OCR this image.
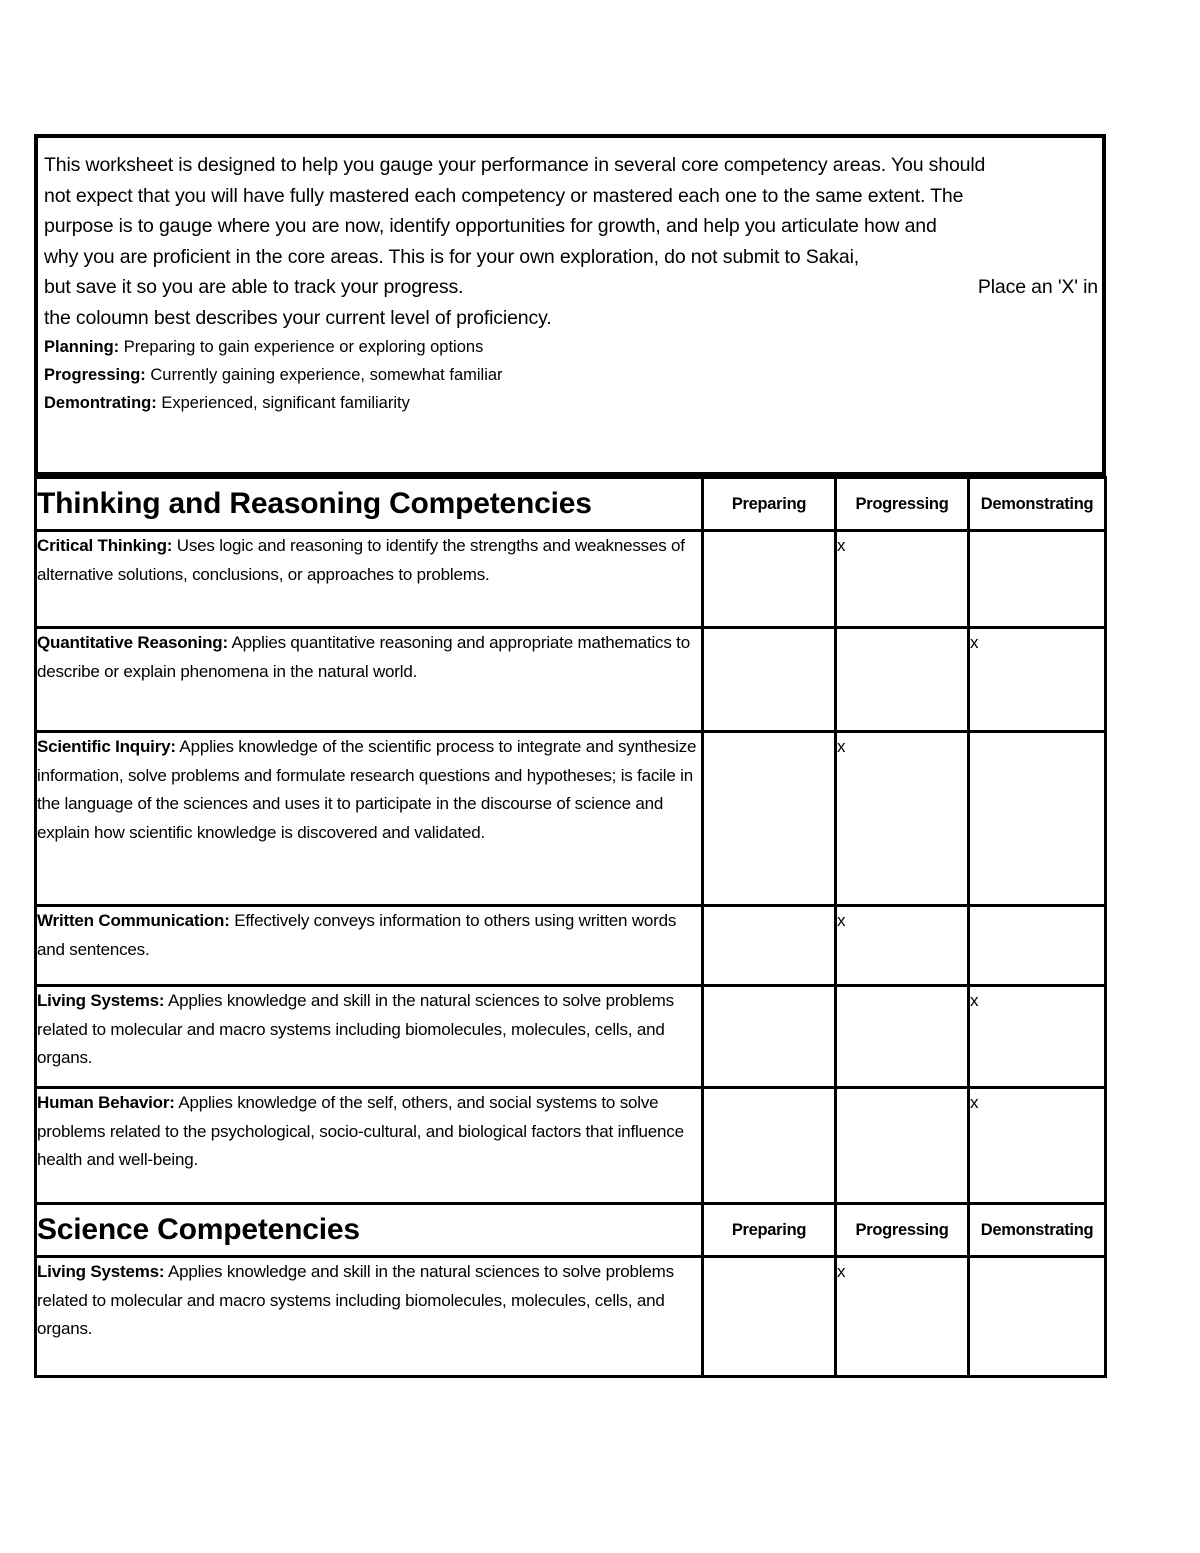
This worksheet is designed to help you gauge your performance in several core competency areas. You should
not expect that you will have fully mastered each competency or mastered each one to the same extent. The
purpose is to gauge where you are now, identify opportunities for growth, and help you articulate how and
why you are proficient in the core areas. This is for your own exploration, do not submit to Sakai,
but save it so you are able to track your progress.	Place an 'X' in
the coloumn best describes your current level of proficiency.
Planning: Preparing to gain experience or exploring options
Progressing: Currently gaining experience, somewhat familiar
Demontrating: Experienced, significant familiarity
Thinking and Reasoning Competencies	Preparing	Progressing	Demonstrating
Critical Thinking: Uses logic and reasoning to identify the strengths and weaknesses of alternative solutions, conclusions, or approaches to problems.		x	
Quantitative Reasoning: Applies quantitative reasoning and appropriate mathematics to describe or explain phenomena in the natural world.			x
Scientific Inquiry: Applies knowledge of the scientific process to integrate and synthesize information, solve problems and formulate research questions and hypotheses; is facile in the language of the sciences and uses it to participate in the discourse of science and explain how scientific knowledge is discovered and validated.		x	
Written Communication: Effectively conveys information to others using written words and sentences.		x	
Living Systems: Applies knowledge and skill in the natural sciences to solve problems related to molecular and macro systems including biomolecules, molecules, cells, and organs.			x
Human Behavior: Applies knowledge of the self, others, and social systems to solve problems related to the psychological, socio-cultural, and biological factors that influence health and well-being.			x
Science Competencies	Preparing	Progressing	Demonstrating
Living Systems: Applies knowledge and skill in the natural sciences to solve problems related to molecular and macro systems including biomolecules, molecules, cells, and organs.		x	
